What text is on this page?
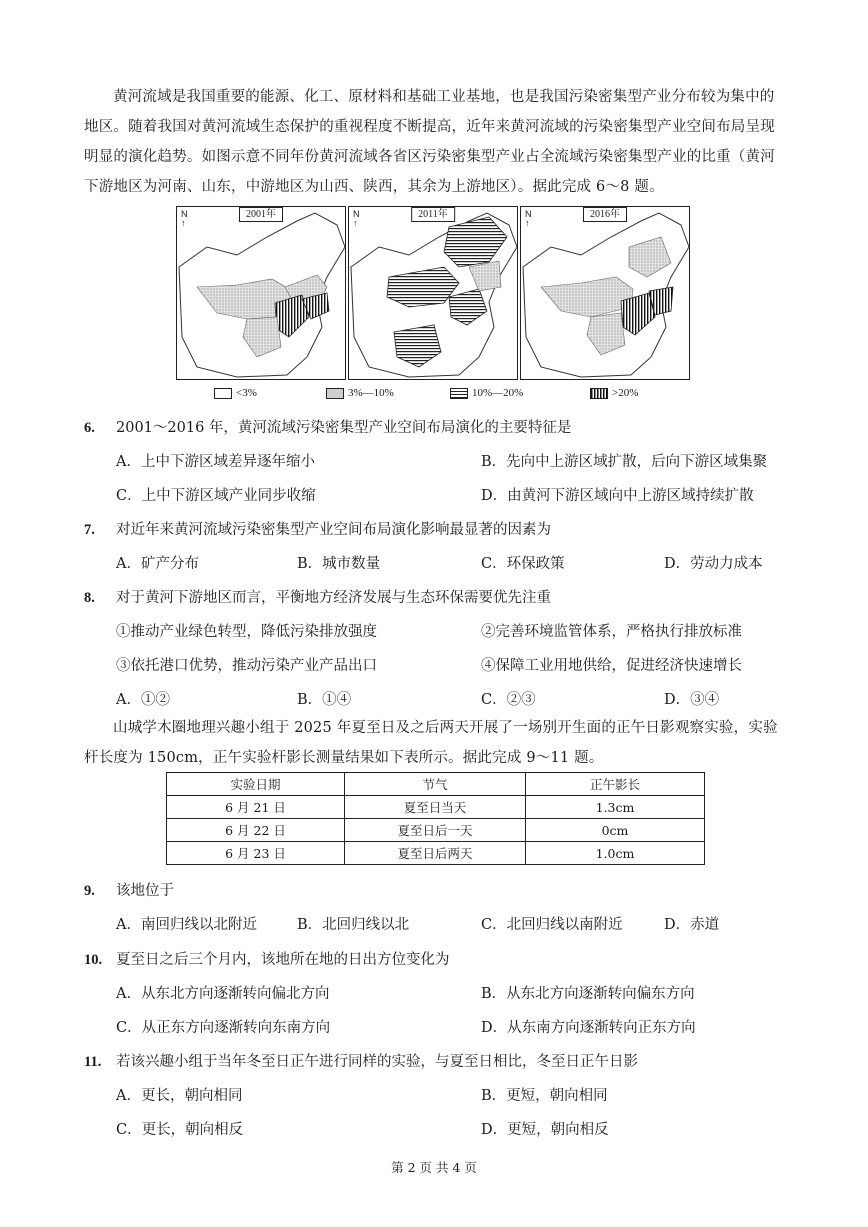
黄河流域是我国重要的能源、化工、原材料和基础工业基地，也是我国污染密集型产业分布较为集中的地区。随着我国对黄河流域生态保护的重视程度不断提高，近年来黄河流域的污染密集型产业空间布局呈现明显的演化趋势。如图示意不同年份黄河流域各省区污染密集型产业占全流域污染密集型产业的比重（黄河下游地区为河南、山东，中游地区为山西、陕西，其余为上游地区）。据此完成 6～8 题。
2001年
N
↑
2011年
N
↑
2016年
N
↑
<3%	3%—10%	10%—20%	>20%
6. 2001～2016 年，黄河流域污染密集型产业空间布局演化的主要特征是
A．上中下游区域差异逐年缩小	B．先向中上游区域扩散，后向下游区域集聚
C．上中下游区域产业同步收缩	D．由黄河下游区域向中上游区域持续扩散
7. 对近年来黄河流域污染密集型产业空间布局演化影响最显著的因素为
A．矿产分布	B．城市数量	C．环保政策	D．劳动力成本
8. 对于黄河下游地区而言，平衡地方经济发展与生态环保需要优先注重
①推动产业绿色转型，降低污染排放强度	②完善环境监管体系，严格执行排放标准
③依托港口优势，推动污染产业产品出口	④保障工业用地供给，促进经济快速增长
A．①②	B．①④	C．②③	D．③④
山城学木圈地理兴趣小组于 2025 年夏至日及之后两天开展了一场别开生面的正午日影观察实验，实验杆长度为 150cm，正午实验杆影长测量结果如下表所示。据此完成 9～11 题。
实验日期	节气	正午影长
6 月 21 日	夏至日当天	1.3cm
6 月 22 日	夏至日后一天	0cm
6 月 23 日	夏至日后两天	1.0cm
9. 该地位于
A．南回归线以北附近	B．北回归线以北	C．北回归线以南附近	D．赤道
10. 夏至日之后三个月内，该地所在地的日出方位变化为
A．从东北方向逐渐转向偏北方向	B．从东北方向逐渐转向偏东方向
C．从正东方向逐渐转向东南方向	D．从东南方向逐渐转向正东方向
11. 若该兴趣小组于当年冬至日正午进行同样的实验，与夏至日相比，冬至日正午日影
A．更长，朝向相同	B．更短，朝向相同
C．更长，朝向相反	D．更短，朝向相反
第 2 页 共 4 页
